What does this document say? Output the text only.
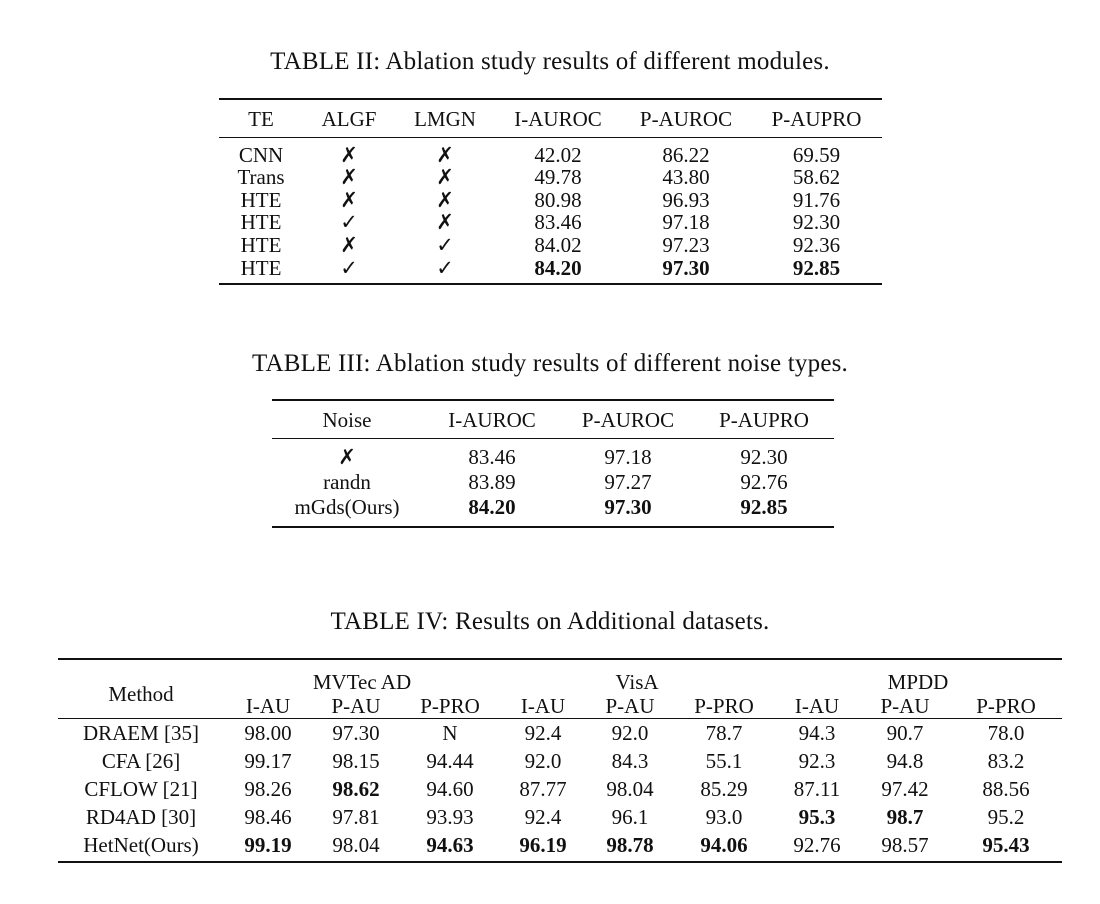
TABLE II: Ablation study results of different modules.
TE	ALGF	LMGN	I-AUROC	P-AUROC	P-AUPRO
CNN	✗	✗	42.02	86.22	69.59
Trans	✗	✗	49.78	43.80	58.62
HTE	✗	✗	80.98	96.93	91.76
HTE	✓	✗	83.46	97.18	92.30
HTE	✗	✓	84.02	97.23	92.36
HTE	✓	✓	84.20	97.30	92.85
TABLE III: Ablation study results of different noise types.
Noise	I-AUROC	P-AUROC	P-AUPRO
✗	83.46	97.18	92.30
randn	83.89	97.27	92.76
mGds(Ours)	84.20	97.30	92.85
TABLE IV: Results on Additional datasets.
Method	MVTec AD			VisA			MPDD		
	I-AU	P-AU	P-PRO	I-AU	P-AU	P-PRO	I-AU	P-AU	P-PRO
DRAEM [35]	98.00	97.30	N	92.4	92.0	78.7	94.3	90.7	78.0
CFA [26]	99.17	98.15	94.44	92.0	84.3	55.1	92.3	94.8	83.2
CFLOW [21]	98.26	98.62	94.60	87.77	98.04	85.29	87.11	97.42	88.56
RD4AD [30]	98.46	97.81	93.93	92.4	96.1	93.0	95.3	98.7	95.2
HetNet(Ours)	99.19	98.04	94.63	96.19	98.78	94.06	92.76	98.57	95.43
